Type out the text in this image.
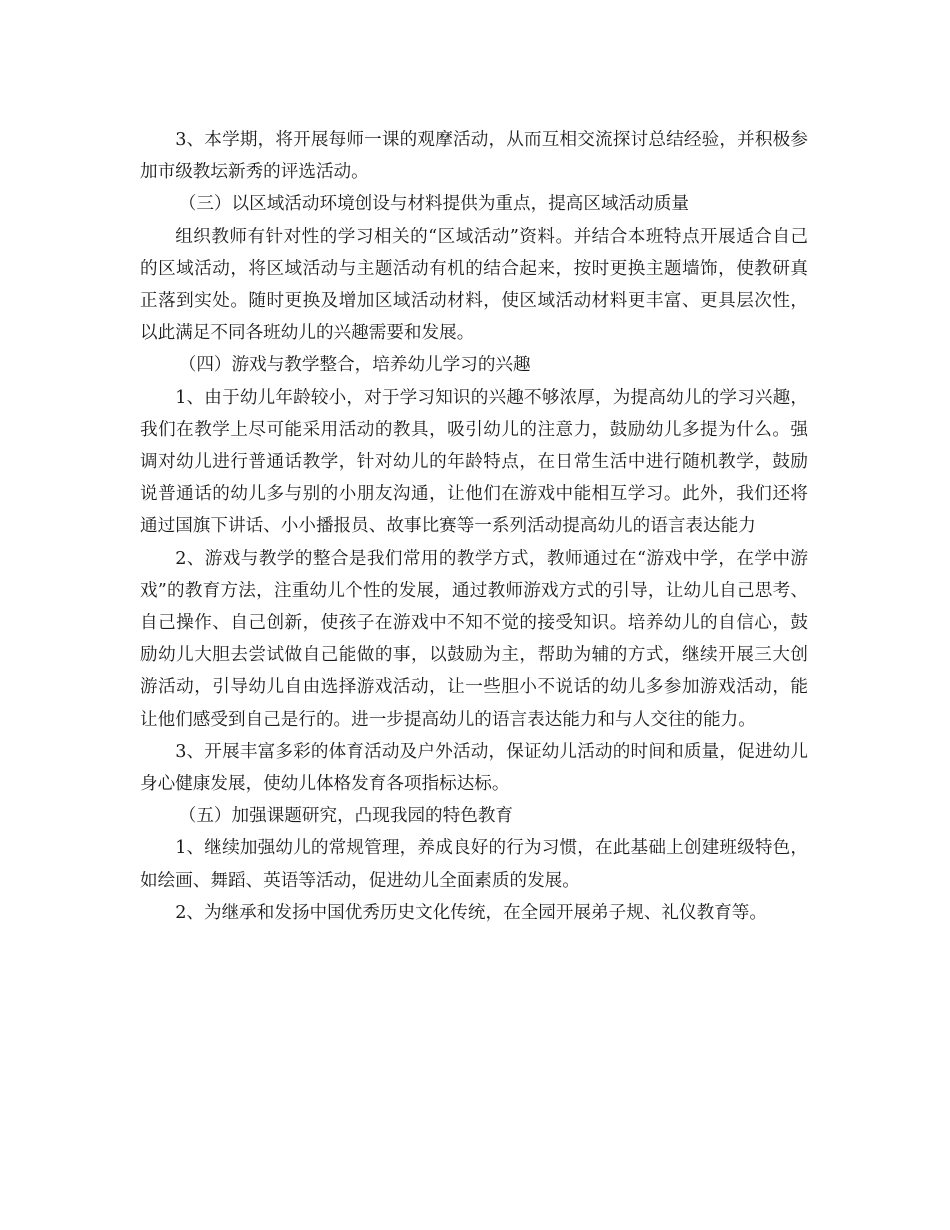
3、本学期，将开展每师一课的观摩活动，从而互相交流探讨总结经验，并积极参加市级教坛新秀的评选活动。

（三）以区域活动环境创设与材料提供为重点，提高区域活动质量

组织教师有针对性的学习相关的“区域活动”资料。并结合本班特点开展适合自己的区域活动，将区域活动与主题活动有机的结合起来，按时更换主题墙饰，使教研真正落到实处。随时更换及增加区域活动材料，使区域活动材料更丰富、更具层次性，以此满足不同各班幼儿的兴趣需要和发展。

（四）游戏与教学整合，培养幼儿学习的兴趣

1、由于幼儿年龄较小，对于学习知识的兴趣不够浓厚，为提高幼儿的学习兴趣，我们在教学上尽可能采用活动的教具，吸引幼儿的注意力，鼓励幼儿多提为什么。强调对幼儿进行普通话教学，针对幼儿的年龄特点，在日常生活中进行随机教学，鼓励说普通话的幼儿多与别的小朋友沟通，让他们在游戏中能相互学习。此外，我们还将通过国旗下讲话、小小播报员、故事比赛等一系列活动提高幼儿的语言表达能力

2、游戏与教学的整合是我们常用的教学方式，教师通过在“游戏中学，在学中游戏”的教育方法，注重幼儿个性的发展，通过教师游戏方式的引导，让幼儿自己思考、自己操作、自己创新，使孩子在游戏中不知不觉的接受知识。培养幼儿的自信心，鼓励幼儿大胆去尝试做自己能做的事，以鼓励为主，帮助为辅的方式，继续开展三大创游活动，引导幼儿自由选择游戏活动，让一些胆小不说话的幼儿多参加游戏活动，能让他们感受到自己是行的。进一步提高幼儿的语言表达能力和与人交往的能力。

3、开展丰富多彩的体育活动及户外活动，保证幼儿活动的时间和质量，促进幼儿身心健康发展，使幼儿体格发育各项指标达标。

（五）加强课题研究，凸现我园的特色教育

1、继续加强幼儿的常规管理，养成良好的行为习惯，在此基础上创建班级特色，如绘画、舞蹈、英语等活动，促进幼儿全面素质的发展。

2、为继承和发扬中国优秀历史文化传统，在全园开展弟子规、礼仪教育等。
